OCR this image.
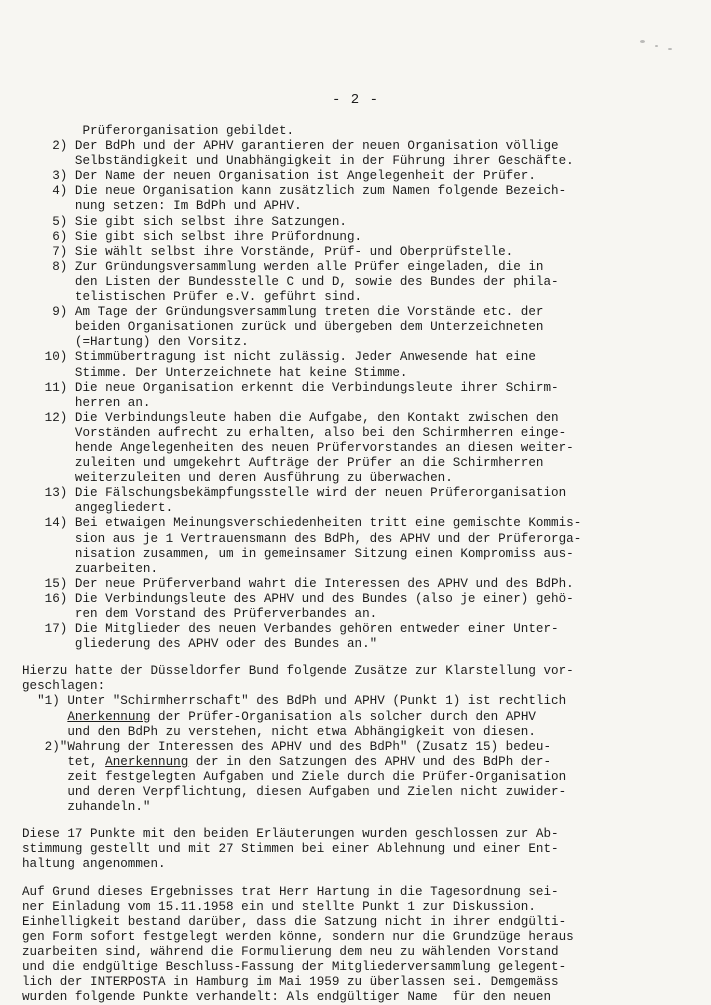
- 2 -
Prüferorganisation gebildet.
2) Der BdPh und der APHV garantieren der neuen Organisation völlige
Selbständigkeit und Unabhängigkeit in der Führung ihrer Geschäfte.
3) Der Name der neuen Organisation ist Angelegenheit der Prüfer.
4) Die neue Organisation kann zusätzlich zum Namen folgende Bezeich-
nung setzen: Im BdPh und APHV.
5) Sie gibt sich selbst ihre Satzungen.
6) Sie gibt sich selbst ihre Prüfordnung.
7) Sie wählt selbst ihre Vorstände, Prüf- und Oberprüfstelle.
8) Zur Gründungsversammlung werden alle Prüfer eingeladen, die in
den Listen der Bundesstelle C und D, sowie des Bundes der phila-
telistischen Prüfer e.V. geführt sind.
9) Am Tage der Gründungsversammlung treten die Vorstände etc. der
beiden Organisationen zurück und übergeben dem Unterzeichneten
(=Hartung) den Vorsitz.
10) Stimmübertragung ist nicht zulässig. Jeder Anwesende hat eine
Stimme. Der Unterzeichnete hat keine Stimme.
11) Die neue Organisation erkennt die Verbindungsleute ihrer Schirm-
herren an.
12) Die Verbindungsleute haben die Aufgabe, den Kontakt zwischen den
Vorständen aufrecht zu erhalten, also bei den Schirmherren einge-
hende Angelegenheiten des neuen Prüfervorstandes an diesen weiter-
zuleiten und umgekehrt Aufträge der Prüfer an die Schirmherren
weiterzuleiten und deren Ausführung zu überwachen.
13) Die Fälschungsbekämpfungsstelle wird der neuen Prüferorganisation
angegliedert.
14) Bei etwaigen Meinungsverschiedenheiten tritt eine gemischte Kommis-
sion aus je 1 Vertrauensmann des BdPh, des APHV und der Prüferorga-
nisation zusammen, um in gemeinsamer Sitzung einen Kompromiss aus-
zuarbeiten.
15) Der neue Prüferverband wahrt die Interessen des APHV und des BdPh.
16) Die Verbindungsleute des APHV und des Bundes (also je einer) gehö-
ren dem Vorstand des Prüferverbandes an.
17) Die Mitglieder des neuen Verbandes gehören entweder einer Unter-
gliederung des APHV oder des Bundes an."
Hierzu hatte der Düsseldorfer Bund folgende Zusätze zur Klarstellung vor-
geschlagen:
"1) Unter "Schirmherrschaft" des BdPh und APHV (Punkt 1) ist rechtlich
Anerkennung der Prüfer-Organisation als solcher durch den APHV
und den BdPh zu verstehen, nicht etwa Abhängigkeit von diesen.
2)"Wahrung der Interessen des APHV und des BdPh" (Zusatz 15) bedeu-
tet, Anerkennung der in den Satzungen des APHV und des BdPh der-
zeit festgelegten Aufgaben und Ziele durch die Prüfer-Organisation
und deren Verpflichtung, diesen Aufgaben und Zielen nicht zuwider-
zuhandeln."
Diese 17 Punkte mit den beiden Erläuterungen wurden geschlossen zur Ab-
stimmung gestellt und mit 27 Stimmen bei einer Ablehnung und einer Ent-
haltung angenommen.
Auf Grund dieses Ergebnisses trat Herr Hartung in die Tagesordnung sei-
ner Einladung vom 15.11.1958 ein und stellte Punkt 1 zur Diskussion.
Einhelligkeit bestand darüber, dass die Satzung nicht in ihrer endgülti-
gen Form sofort festgelegt werden könne, sondern nur die Grundzüge heraus
zuarbeiten sind, während die Formulierung dem neu zu wählenden Vorstand
und die endgültige Beschluss-Fassung der Mitgliederversammlung gelegent-
lich der INTERPOSTA in Hamburg im Mai 1959 zu überlassen sei. Demgemäss
wurden folgende Punkte verhandelt: Als endgültiger Name  für den neuen
